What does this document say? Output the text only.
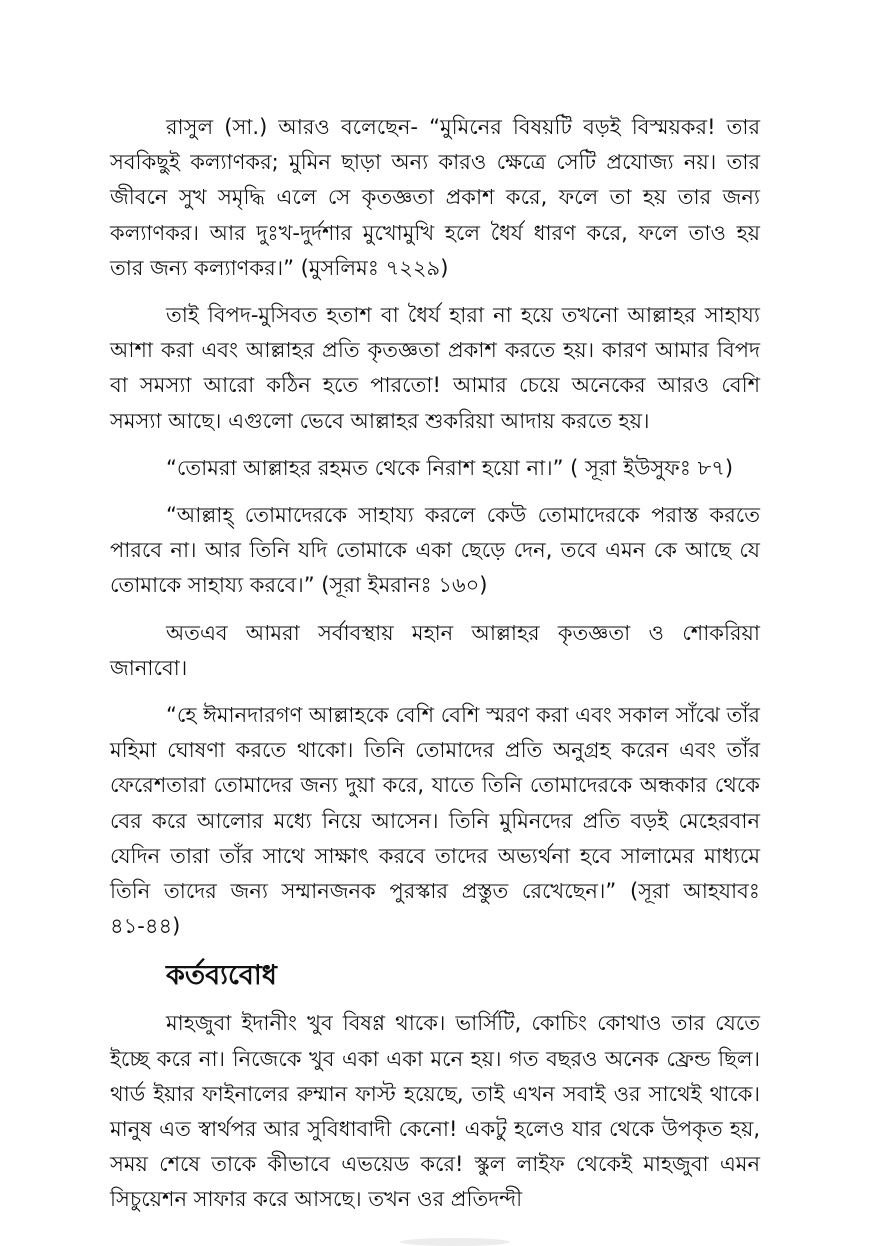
রাসুল (সা.) আরও বলেছেন- “মুমিনের বিষয়টি বড়ই বিস্ময়কর! তার সবকিছুই কল্যাণকর; মুমিন ছাড়া অন্য কারও ক্ষেত্রে সেটি প্রযোজ্য নয়। তার জীবনে সুখ সমৃদ্ধি এলে সে কৃতজ্ঞতা প্রকাশ করে, ফলে তা হয় তার জন্য কল্যাণকর। আর দুঃখ-দুর্দশার মুখোমুখি হলে ধৈর্য ধারণ করে, ফলে তাও হয় তার জন্য কল্যাণকর।” (মুসলিমঃ ৭২২৯)

তাই বিপদ-মুসিবত হতাশ বা ধৈর্য হারা না হয়ে তখনো আল্লাহর সাহায্য আশা করা এবং আল্লাহর প্রতি কৃতজ্ঞতা প্রকাশ করতে হয়। কারণ আমার বিপদ বা সমস্যা আরো কঠিন হতে পারতো! আমার চেয়ে অনেকের আরও বেশি সমস্যা আছে। এগুলো ভেবে আল্লাহর শুকরিয়া আদায় করতে হয়।

“তোমরা আল্লাহর রহমত থেকে নিরাশ হয়ো না।” ( সূরা ইউসুফঃ ৮৭)

“আল্লাহ্‌ তোমাদেরকে সাহায্য করলে কেউ তোমাদেরকে পরাস্ত করতে পারবে না। আর তিনি যদি তোমাকে একা ছেড়ে দেন, তবে এমন কে আছে যে তোমাকে সাহায্য করবে।” (সূরা ইমরানঃ ১৬০)

অতএব আমরা সর্বাবস্থায় মহান আল্লাহর কৃতজ্ঞতা ও শোকরিয়া জানাবো।

“হে ঈমানদারগণ আল্লাহকে বেশি বেশি স্মরণ করা এবং সকাল সাঁঝে তাঁর মহিমা ঘোষণা করতে থাকো। তিনি তোমাদের প্রতি অনুগ্রহ করেন এবং তাঁর ফেরেশতারা তোমাদের জন্য দুয়া করে, যাতে তিনি তোমাদেরকে অন্ধকার থেকে বের করে আলোর মধ্যে নিয়ে আসেন। তিনি মুমিনদের প্রতি বড়ই মেহেরবান যেদিন তারা তাঁর সাথে সাক্ষাৎ করবে তাদের অভ্যর্থনা হবে সালামের মাধ্যমে তিনি তাদের জন্য সম্মানজনক পুরস্কার প্রস্তুত রেখেছেন।” (সূরা আহযাবঃ ৪১-৪৪)

কর্তব্যবোধ

মাহজুবা ইদানীং খুব বিষণ্ণ থাকে। ভার্সিটি, কোচিং কোথাও তার যেতে ইচ্ছে করে না। নিজেকে খুব একা একা মনে হয়। গত বছরও অনেক ফ্রেন্ড ছিল। থার্ড ইয়ার ফাইনালের রুম্মান ফাস্ট হয়েছে, তাই এখন সবাই ওর সাথেই থাকে। মানুষ এত স্বার্থপর আর সুবিধাবাদী কেনো! একটু হলেও যার থেকে উপকৃত হয়, সময় শেষে তাকে কীভাবে এভয়েড করে! স্কুল লাইফ থেকেই মাহজুবা এমন সিচুয়েশন সাফার করে আসছে। তখন ওর প্রতিদন্দী
